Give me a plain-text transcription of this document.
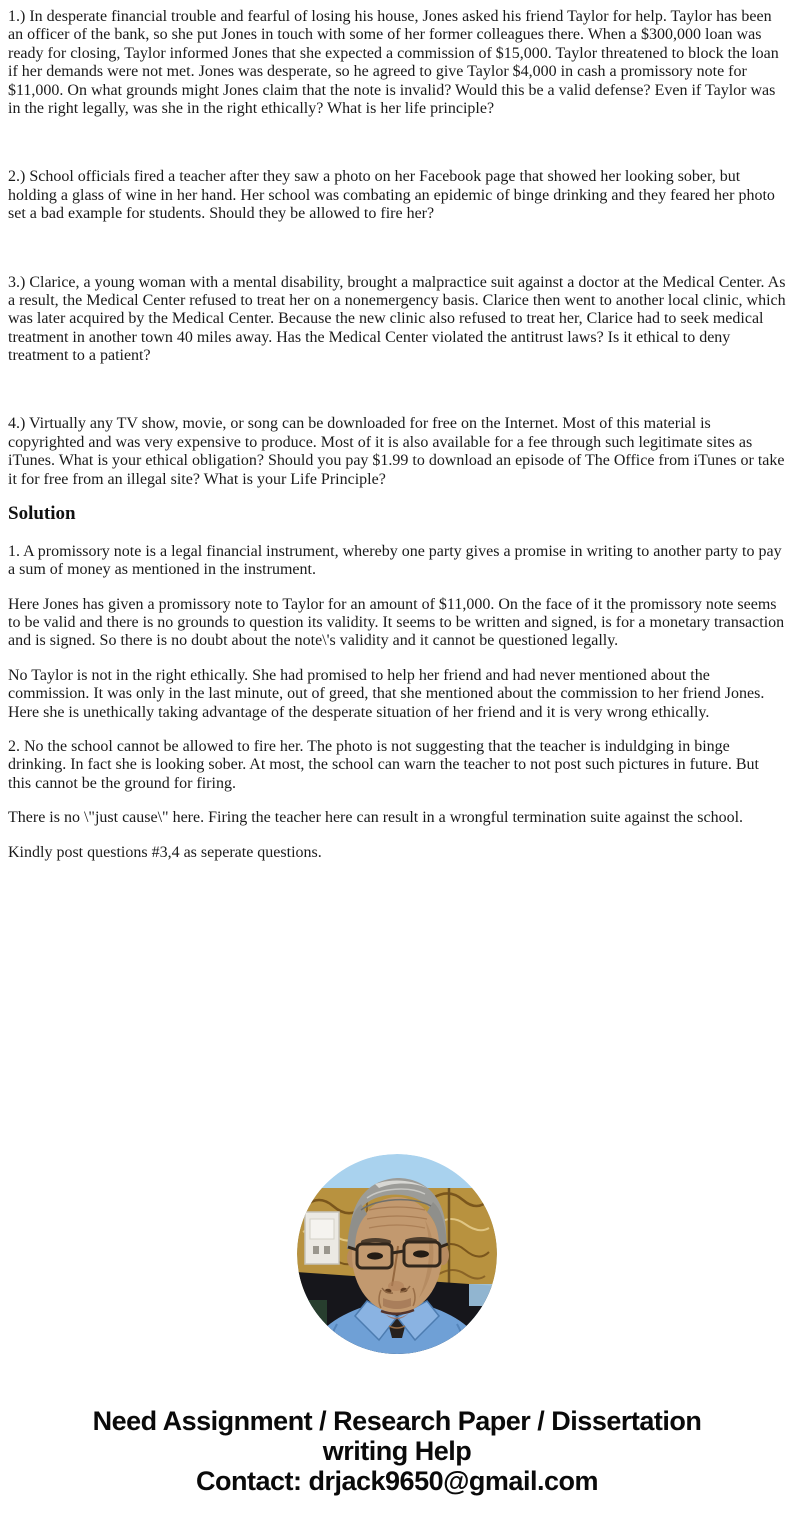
1.) In desperate financial trouble and fearful of losing his house, Jones asked his friend Taylor for help. Taylor has been an officer of the bank, so she put Jones in touch with some of her former colleagues there. When a $300,000 loan was ready for closing, Taylor informed Jones that she expected a commission of $15,000. Taylor threatened to block the loan if her demands were not met. Jones was desperate, so he agreed to give Taylor $4,000 in cash a promissory note for $11,000. On what grounds might Jones claim that the note is invalid? Would this be a valid defense? Even if Taylor was in the right legally, was she in the right ethically? What is her life principle?

2.) School officials fired a teacher after they saw a photo on her Facebook page that showed her looking sober, but holding a glass of wine in her hand. Her school was combating an epidemic of binge drinking and they feared her photo set a bad example for students. Should they be allowed to fire her?

3.) Clarice, a young woman with a mental disability, brought a malpractice suit against a doctor at the Medical Center. As a result, the Medical Center refused to treat her on a nonemergency basis. Clarice then went to another local clinic, which was later acquired by the Medical Center. Because the new clinic also refused to treat her, Clarice had to seek medical treatment in another town 40 miles away. Has the Medical Center violated the antitrust laws? Is it ethical to deny treatment to a patient?

4.) Virtually any TV show, movie, or song can be downloaded for free on the Internet. Most of this material is copyrighted and was very expensive to produce. Most of it is also available for a fee through such legitimate sites as iTunes. What is your ethical obligation? Should you pay $1.99 to download an episode of The Office from iTunes or take it for free from an illegal site? What is your Life Principle?

Solution

1. A promissory note is a legal financial instrument, whereby one party gives a promise in writing to another party to pay a sum of money as mentioned in the instrument.

Here Jones has given a promissory note to Taylor for an amount of $11,000. On the face of it the promissory note seems to be valid and there is no grounds to question its validity. It seems to be written and signed, is for a monetary transaction and is signed. So there is no doubt about the note\'s validity and it cannot be questioned legally.

No Taylor is not in the right ethically. She had promised to help her friend and had never mentioned about the commission. It was only in the last minute, out of greed, that she mentioned about the commission to her friend Jones. Here she is unethically taking advantage of the desperate situation of her friend and it is very wrong ethically.

2. No the school cannot be allowed to fire her. The photo is not suggesting that the teacher is induldging in binge drinking. In fact she is looking sober. At most, the school can warn the teacher to not post such pictures in future. But this cannot be the ground for firing.

There is no \"just cause\" here. Firing the teacher here can result in a wrongful termination suite against the school.

Kindly post questions #3,4 as seperate questions.

Need Assignment / Research Paper / Dissertation
writing Help
Contact: drjack9650@gmail.com
